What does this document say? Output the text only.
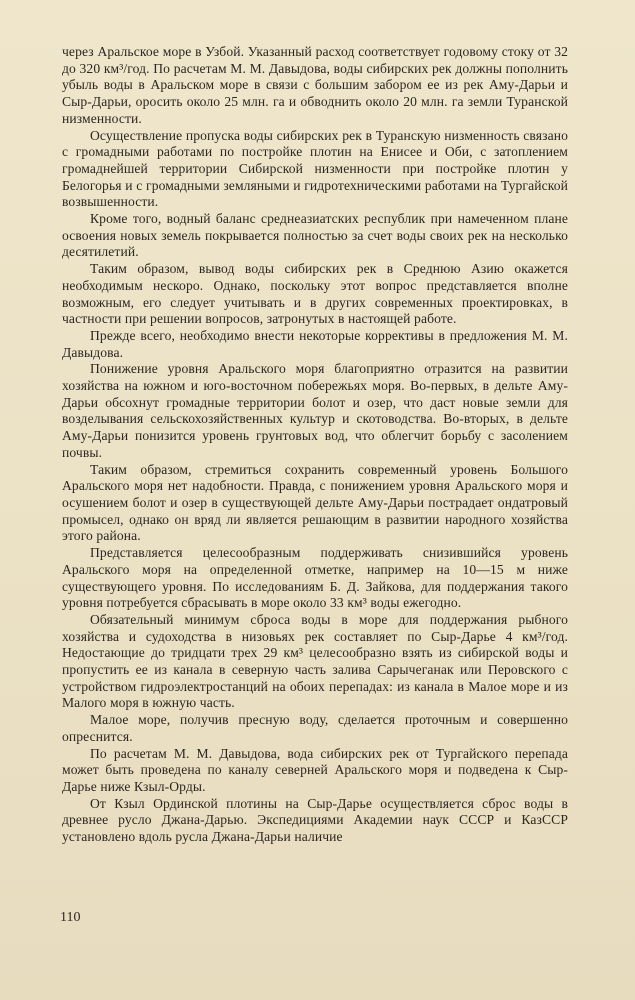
через Аральское море в Узбой. Указанный расход соответствует годовому стоку от 32 до 320 км³/год. По расчетам М. М. Давыдова, воды сибирских рек должны пополнить убыль воды в Аральском море в связи с большим забором ее из рек Аму-Дарьи и Сыр-Дарьи, оросить около 25 млн. га и обводнить около 20 млн. га земли Туранской низменности.

Осуществление пропуска воды сибирских рек в Туранскую низменность связано с громадными работами по постройке плотин на Енисее и Оби, с затоплением громаднейшей территории Сибирской низменности при постройке плотин у Белогорья и с громадными земляными и гидротехническими работами на Тургайской возвышенности.

Кроме того, водный баланс среднеазиатских республик при намеченном плане освоения новых земель покрывается полностью за счет воды своих рек на несколько десятилетий.

Таким образом, вывод воды сибирских рек в Среднюю Азию окажется необходимым нескоро. Однако, поскольку этот вопрос представляется вполне возможным, его следует учитывать и в других современных проектировках, в частности при решении вопросов, затронутых в настоящей работе.

Прежде всего, необходимо внести некоторые коррективы в предложения М. М. Давыдова.

Понижение уровня Аральского моря благоприятно отразится на развитии хозяйства на южном и юго-восточном побережьях моря. Во-первых, в дельте Аму-Дарьи обсохнут громадные территории болот и озер, что даст новые земли для возделывания сельскохозяйственных культур и скотоводства. Во-вторых, в дельте Аму-Дарьи понизится уровень грунтовых вод, что облегчит борьбу с засолением почвы.

Таким образом, стремиться сохранить современный уровень Большого Аральского моря нет надобности. Правда, с понижением уровня Аральского моря и осушением болот и озер в существующей дельте Аму-Дарьи пострадает ондатровый промысел, однако он вряд ли является решающим в развитии народного хозяйства этого района.

Представляется целесообразным поддерживать снизившийся уровень Аральского моря на определенной отметке, например на 10—15 м ниже существующего уровня. По исследованиям Б. Д. Зайкова, для поддержания такого уровня потребуется сбрасывать в море около 33 км³ воды ежегодно.

Обязательный минимум сброса воды в море для поддержания рыбного хозяйства и судоходства в низовьях рек составляет по Сыр-Дарье 4 км³/год. Недостающие до тридцати трех 29 км³ целесообразно взять из сибирской воды и пропустить ее из канала в северную часть залива Сарычеганак или Перовского с устройством гидроэлектростанций на обоих перепадах: из канала в Малое море и из Малого моря в южную часть.

Малое море, получив пресную воду, сделается проточным и совершенно опреснится.

По расчетам М. М. Давыдова, вода сибирских рек от Тургайского перепада может быть проведена по каналу северней Аральского моря и подведена к Сыр-Дарье ниже Кзыл-Орды.

От Кзыл Ординской плотины на Сыр-Дарье осуществляется сброс воды в древнее русло Джана-Дарью. Экспедициями Академии наук СССР и КазССР установлено вдоль русла Джана-Дарьи наличие

110
